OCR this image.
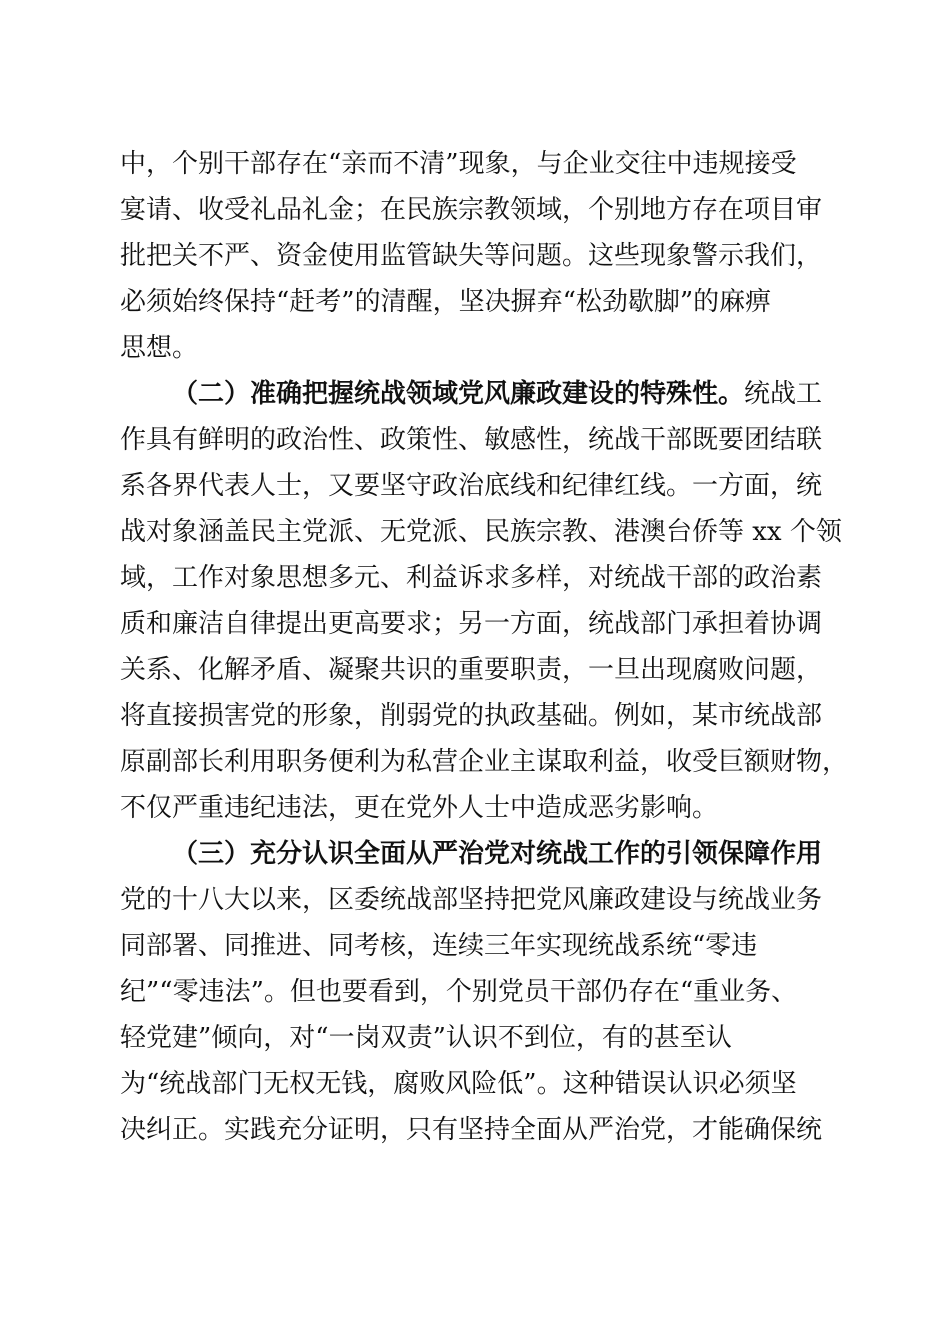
中，个别干部存在“亲而不清”现象，与企业交往中违规接受
宴请、收受礼品礼金；在民族宗教领域，个别地方存在项目审
批把关不严、资金使用监管缺失等问题。这些现象警示我们，
必须始终保持“赶考”的清醒，坚决摒弃“松劲歇脚”的麻痹
思想。
（二）准确把握统战领域党风廉政建设的特殊性。统战工
作具有鲜明的政治性、政策性、敏感性，统战干部既要团结联
系各界代表人士，又要坚守政治底线和纪律红线。一方面，统
战对象涵盖民主党派、无党派、民族宗教、港澳台侨等 xx 个领
域，工作对象思想多元、利益诉求多样，对统战干部的政治素
质和廉洁自律提出更高要求；另一方面，统战部门承担着协调
关系、化解矛盾、凝聚共识的重要职责，一旦出现腐败问题，
将直接损害党的形象，削弱党的执政基础。例如，某市统战部
原副部长利用职务便利为私营企业主谋取利益，收受巨额财物，
不仅严重违纪违法，更在党外人士中造成恶劣影响。
（三）充分认识全面从严治党对统战工作的引领保障作用
党的十八大以来，区委统战部坚持把党风廉政建设与统战业务
同部署、同推进、同考核，连续三年实现统战系统“零违
纪”“零违法”。但也要看到，个别党员干部仍存在“重业务、
轻党建”倾向，对“一岗双责”认识不到位，有的甚至认
为“统战部门无权无钱，腐败风险低”。这种错误认识必须坚
决纠正。实践充分证明，只有坚持全面从严治党，才能确保统
